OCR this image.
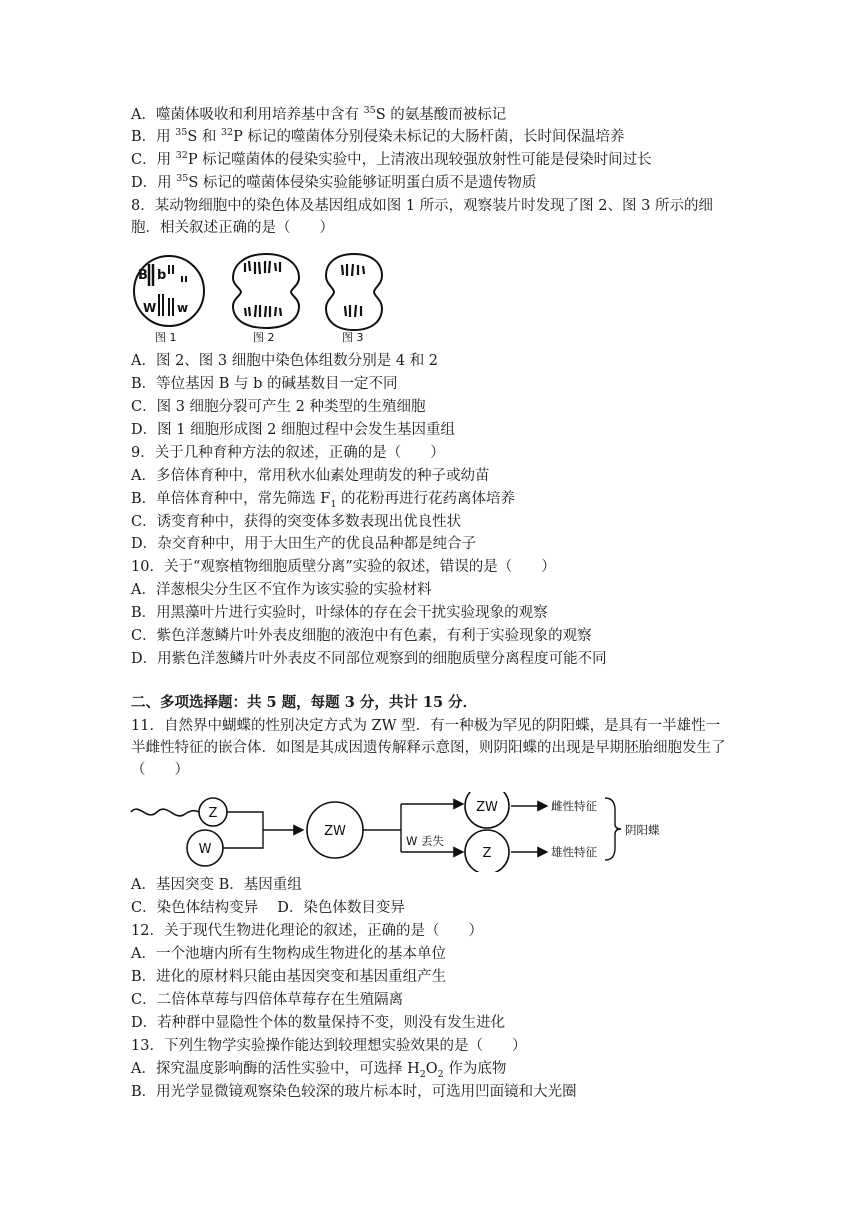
A．噬菌体吸收和利用培养基中含有 $^{35}$S 的氨基酸而被标记
B．用 $^{35}$S 和 $^{32}$P 标记的噬菌体分别侵染未标记的大肠杆菌，长时间保温培养
C．用 $^{32}$P 标记噬菌体的侵染实验中，上清液出现较强放射性可能是侵染时间过长
D．用 $^{35}$S 标记的噬菌体侵染实验能够证明蛋白质不是遗传物质
8．某动物细胞中的染色体及基因组成如图 1 所示，观察装片时发现了图 2、图 3 所示的细胞．相关叙述正确的是（　　）
B b
W w
图 1	图 2	图 3
A．图 2、图 3 细胞中染色体组数分别是 4 和 2
B．等位基因 B 与 b 的碱基数目一定不同
C．图 3 细胞分裂可产生 2 种类型的生殖细胞
D．图 1 细胞形成图 2 细胞过程中会发生基因重组
9．关于几种育种方法的叙述，正确的是（　　）
A．多倍体育种中，常用秋水仙素处理萌发的种子或幼苗
B．单倍体育种中，常先筛选 $F_1$ 的花粉再进行花药离体培养
C．诱变育种中，获得的突变体多数表现出优良性状
D．杂交育种中，用于大田生产的优良品种都是纯合子
10．关于“观察植物细胞质壁分离”实验的叙述，错误的是（　　）
A．洋葱根尖分生区不宜作为该实验的实验材料
B．用黑藻叶片进行实验时，叶绿体的存在会干扰实验现象的观察
C．紫色洋葱鳞片叶外表皮细胞的液泡中有色素，有利于实验现象的观察
D．用紫色洋葱鳞片叶外表皮不同部位观察到的细胞质壁分离程度可能不同
二、多项选择题：共 5 题，每题 3 分，共计 15 分．
11．自然界中蝴蝶的性别决定方式为 ZW 型．有一种极为罕见的阴阳蝶，是具有一半雄性一半雌性特征的嵌合体．如图是其成因遗传解释示意图，则阴阳蝶的出现是早期胚胎细胞发生了（　　）
Z
W
ZW
W 丢失
ZW
Z
雌性特征
雄性特征
阴阳蝶
A．基因突变 B．基因重组
C．染色体结构变异　 D．染色体数目变异
12．关于现代生物进化理论的叙述，正确的是（　　）
A．一个池塘内所有生物构成生物进化的基本单位
B．进化的原材料只能由基因突变和基因重组产生
C．二倍体草莓与四倍体草莓存在生殖隔离
D．若种群中显隐性个体的数量保持不变，则没有发生进化
13．下列生物学实验操作能达到较理想实验效果的是（　　）
A．探究温度影响酶的活性实验中，可选择 $H_2O_2$ 作为底物
B．用光学显微镜观察染色较深的玻片标本时，可选用凹面镜和大光圈
